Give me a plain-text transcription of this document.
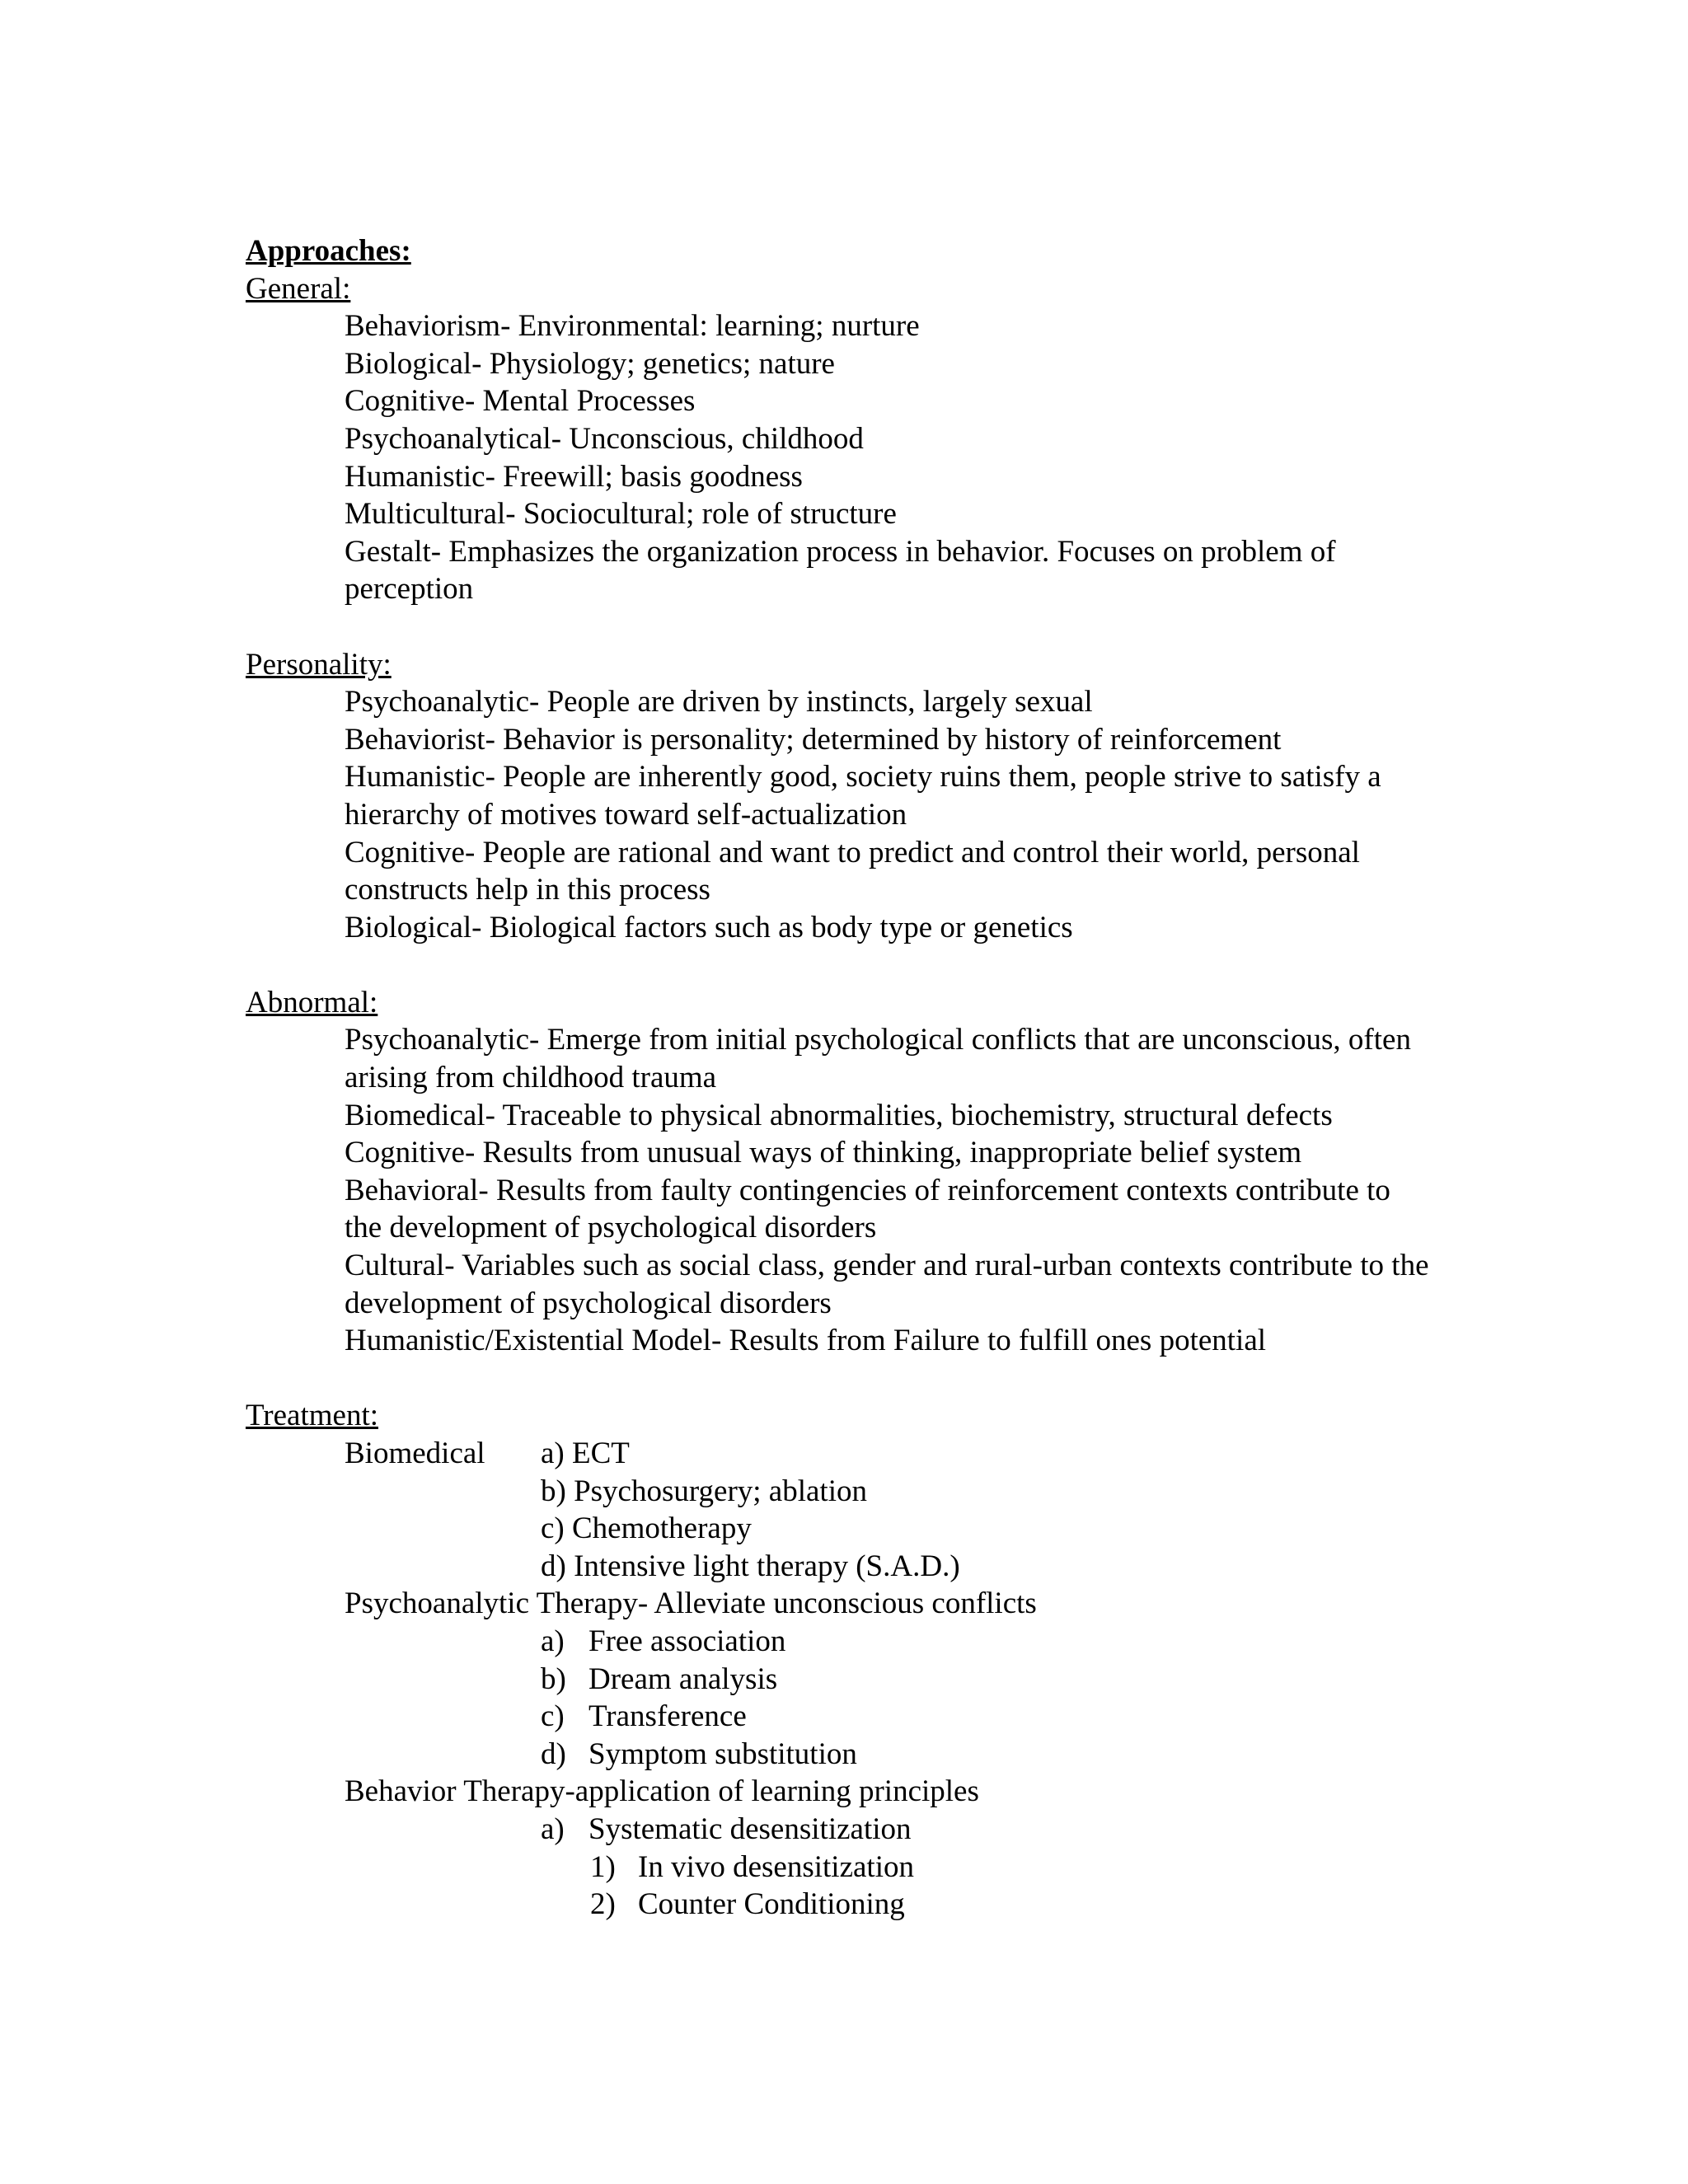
Approaches:
General:
Behaviorism- Environmental: learning; nurture
Biological- Physiology; genetics; nature
Cognitive- Mental Processes
Psychoanalytical- Unconscious, childhood
Humanistic- Freewill; basis goodness
Multicultural- Sociocultural; role of structure
Gestalt- Emphasizes the organization process in behavior. Focuses on problem of perception
Personality:
Psychoanalytic- People are driven by instincts, largely sexual
Behaviorist- Behavior is personality; determined by history of reinforcement
Humanistic- People are inherently good, society ruins them, people strive to satisfy a hierarchy of motives toward self-actualization
Cognitive- People are rational and want to predict and control their world, personal constructs help in this process
Biological- Biological factors such as body type or genetics
Abnormal:
Psychoanalytic- Emerge from initial psychological conflicts that are unconscious, often arising from childhood trauma
Biomedical- Traceable to physical abnormalities, biochemistry, structural defects
Cognitive- Results from unusual ways of thinking, inappropriate belief system
Behavioral- Results from faulty contingencies of reinforcement contexts contribute to the development of psychological disorders
Cultural- Variables such as social class, gender and rural-urban contexts contribute to the development of psychological disorders
Humanistic/Existential Model- Results from Failure to fulfill ones potential
Treatment:
Biomedical	a) ECT
b) Psychosurgery; ablation
c) Chemotherapy
d) Intensive light therapy (S.A.D.)
Psychoanalytic Therapy- Alleviate unconscious conflicts
a) Free association
b) Dream analysis
c) Transference
d) Symptom substitution
Behavior Therapy-application of learning principles
a) Systematic desensitization
1) In vivo desensitization
2) Counter Conditioning
